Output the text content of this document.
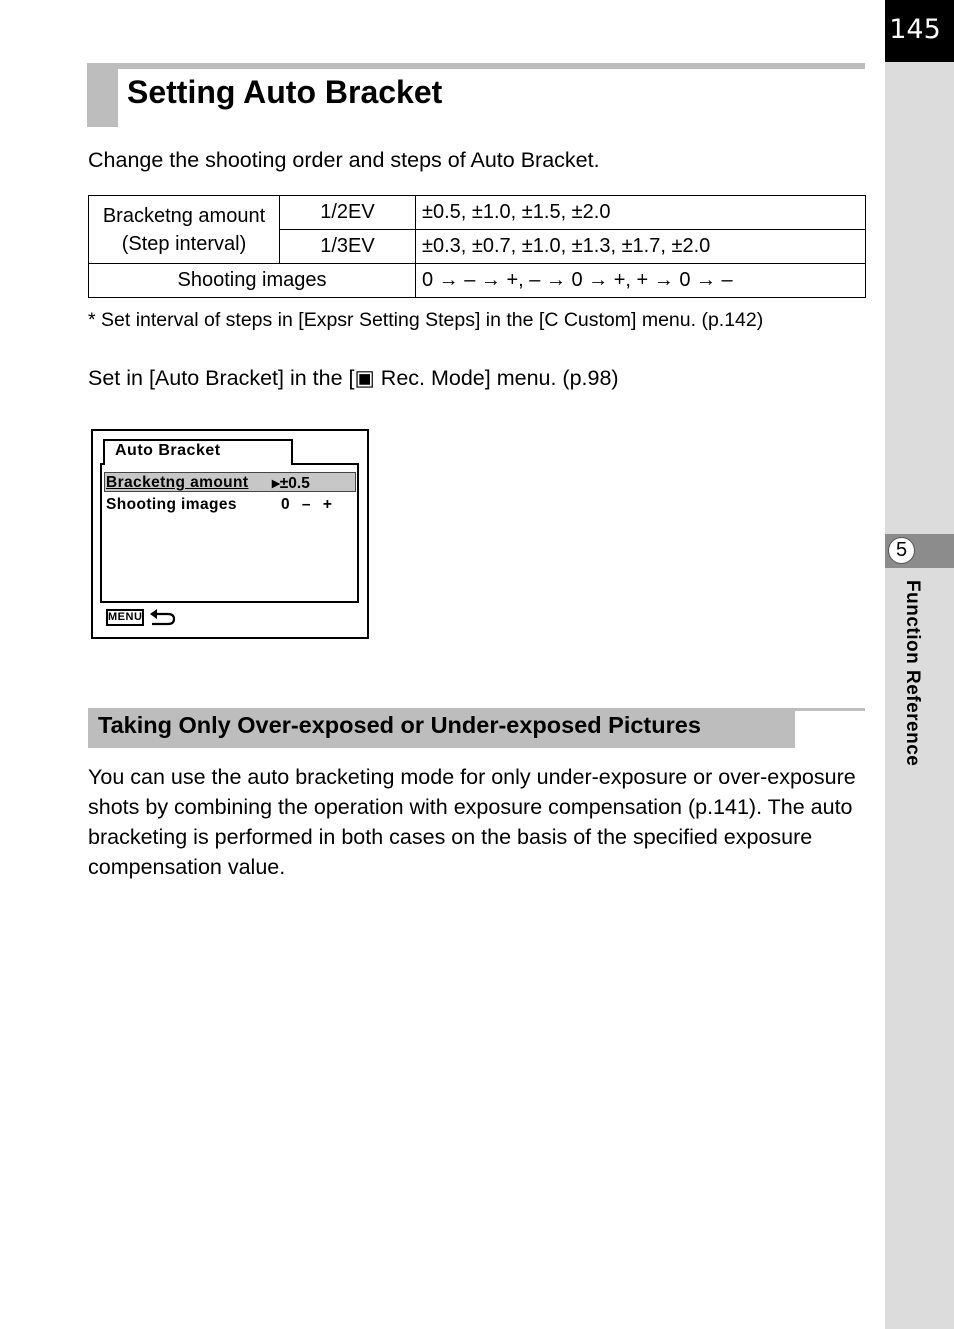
145
5
Function Reference
Setting Auto Bracket
Change the shooting order and steps of Auto Bracket.
Bracketng amount (Step interval)	1/2EV	±0.5, ±1.0, ±1.5, ±2.0
	1/3EV	±0.3, ±0.7, ±1.0, ±1.3, ±1.7, ±2.0
Shooting images		0 → – → +, – → 0 → +, + → 0 → –
* Set interval of steps in [Expsr Setting Steps] in the [C Custom] menu. (p.142)
Set in [Auto Bracket] in the [▣ Rec. Mode] menu. (p.98)
Auto Bracket
Bracketng amount ▸±0.5
Shooting images	0 – +
MENU
Taking Only Over-exposed or Under-exposed Pictures
You can use the auto bracketing mode for only under-exposure or over-exposure shots by combining the operation with exposure compensation (p.141). The auto bracketing is performed in both cases on the basis of the specified exposure compensation value.
